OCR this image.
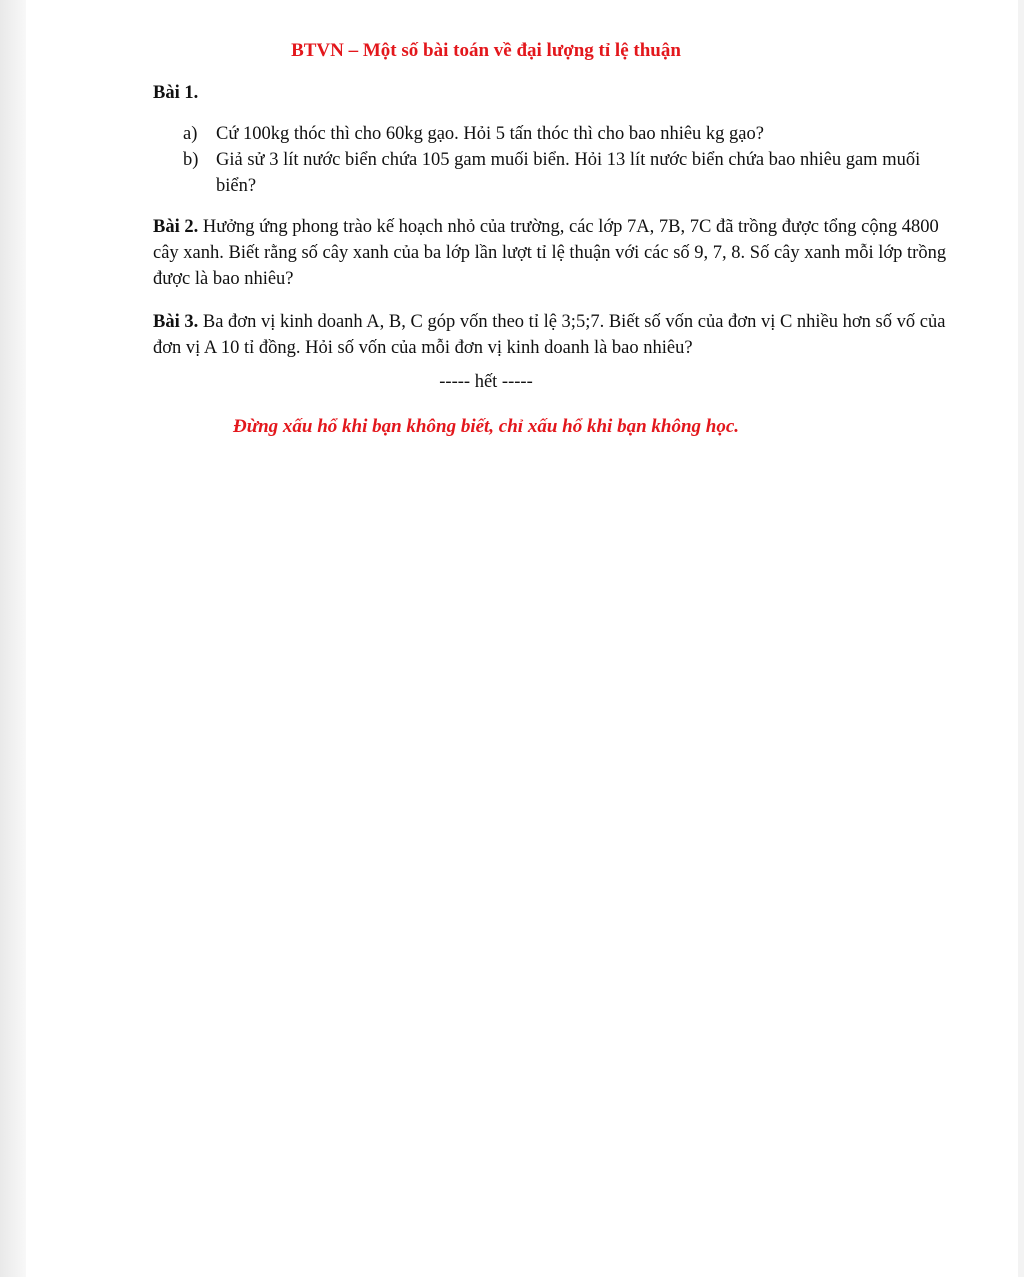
BTVN – Một số bài toán về đại lượng tỉ lệ thuận
Bài 1.
a) Cứ 100kg thóc thì cho 60kg gạo. Hỏi 5 tấn thóc thì cho bao nhiêu kg gạo?
b) Giả sử 3 lít nước biển chứa 105 gam muối biển. Hỏi 13 lít nước biển chứa bao nhiêu gam muối biển?
Bài 2. Hưởng ứng phong trào kế hoạch nhỏ của trường, các lớp 7A, 7B, 7C đã trồng được tổng cộng 4800 cây xanh. Biết rằng số cây xanh của ba lớp lần lượt tỉ lệ thuận với các số 9, 7, 8. Số cây xanh mỗi lớp trồng được là bao nhiêu?
Bài 3. Ba đơn vị kinh doanh A, B, C góp vốn theo tỉ lệ 3;5;7. Biết số vốn của đơn vị C nhiều hơn số vố của đơn vị A 10 tỉ đồng. Hỏi số vốn của mỗi đơn vị kinh doanh là bao nhiêu?
----- hết -----
Đừng xấu hổ khi bạn không biết, chỉ xấu hổ khi bạn không học.
